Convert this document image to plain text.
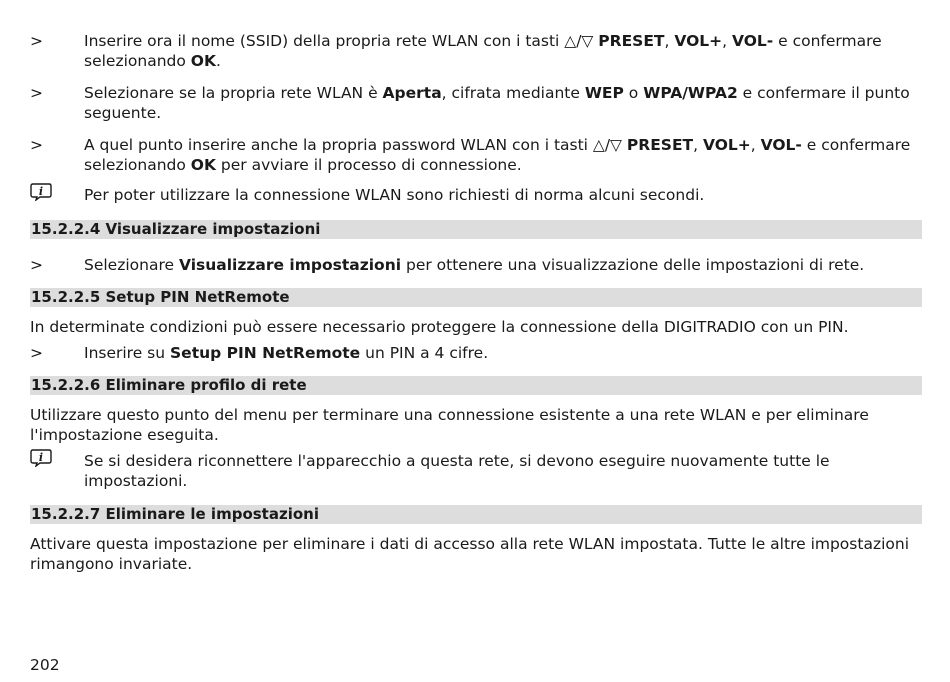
>	Inserire ora il nome (SSID) della propria rete WLAN con i tasti △/▽ PRESET, VOL+, VOL- e confermare selezionando OK.
>	Selezionare se la propria rete WLAN è Aperta, cifrata mediante WEP o WPA/WPA2 e confermare il punto seguente.
>	A quel punto inserire anche la propria password WLAN con i tasti △/▽ PRESET, VOL+, VOL- e confermare selezionando OK per avviare il processo di connessione.
i	Per poter utilizzare la connessione WLAN sono richiesti di norma alcuni secondi.
15.2.2.4 Visualizzare impostazioni
>	Selezionare Visualizzare impostazioni per ottenere una visualizzazione delle impostazioni di rete.
15.2.2.5 Setup PIN NetRemote
In determinate condizioni può essere necessario proteggere la connessione della DIGITRADIO con un PIN.
>	Inserire su Setup PIN NetRemote un PIN a 4 cifre.
15.2.2.6 Eliminare profilo di rete
Utilizzare questo punto del menu per terminare una connessione esistente a una rete WLAN e per eliminare l'impostazione eseguita.
i	Se si desidera riconnettere l'apparecchio a questa rete, si devono eseguire nuovamente tutte le impostazioni.
15.2.2.7 Eliminare le impostazioni
Attivare questa impostazione per eliminare i dati di accesso alla rete WLAN impostata. Tutte le altre impostazioni rimangono invariate.
202
